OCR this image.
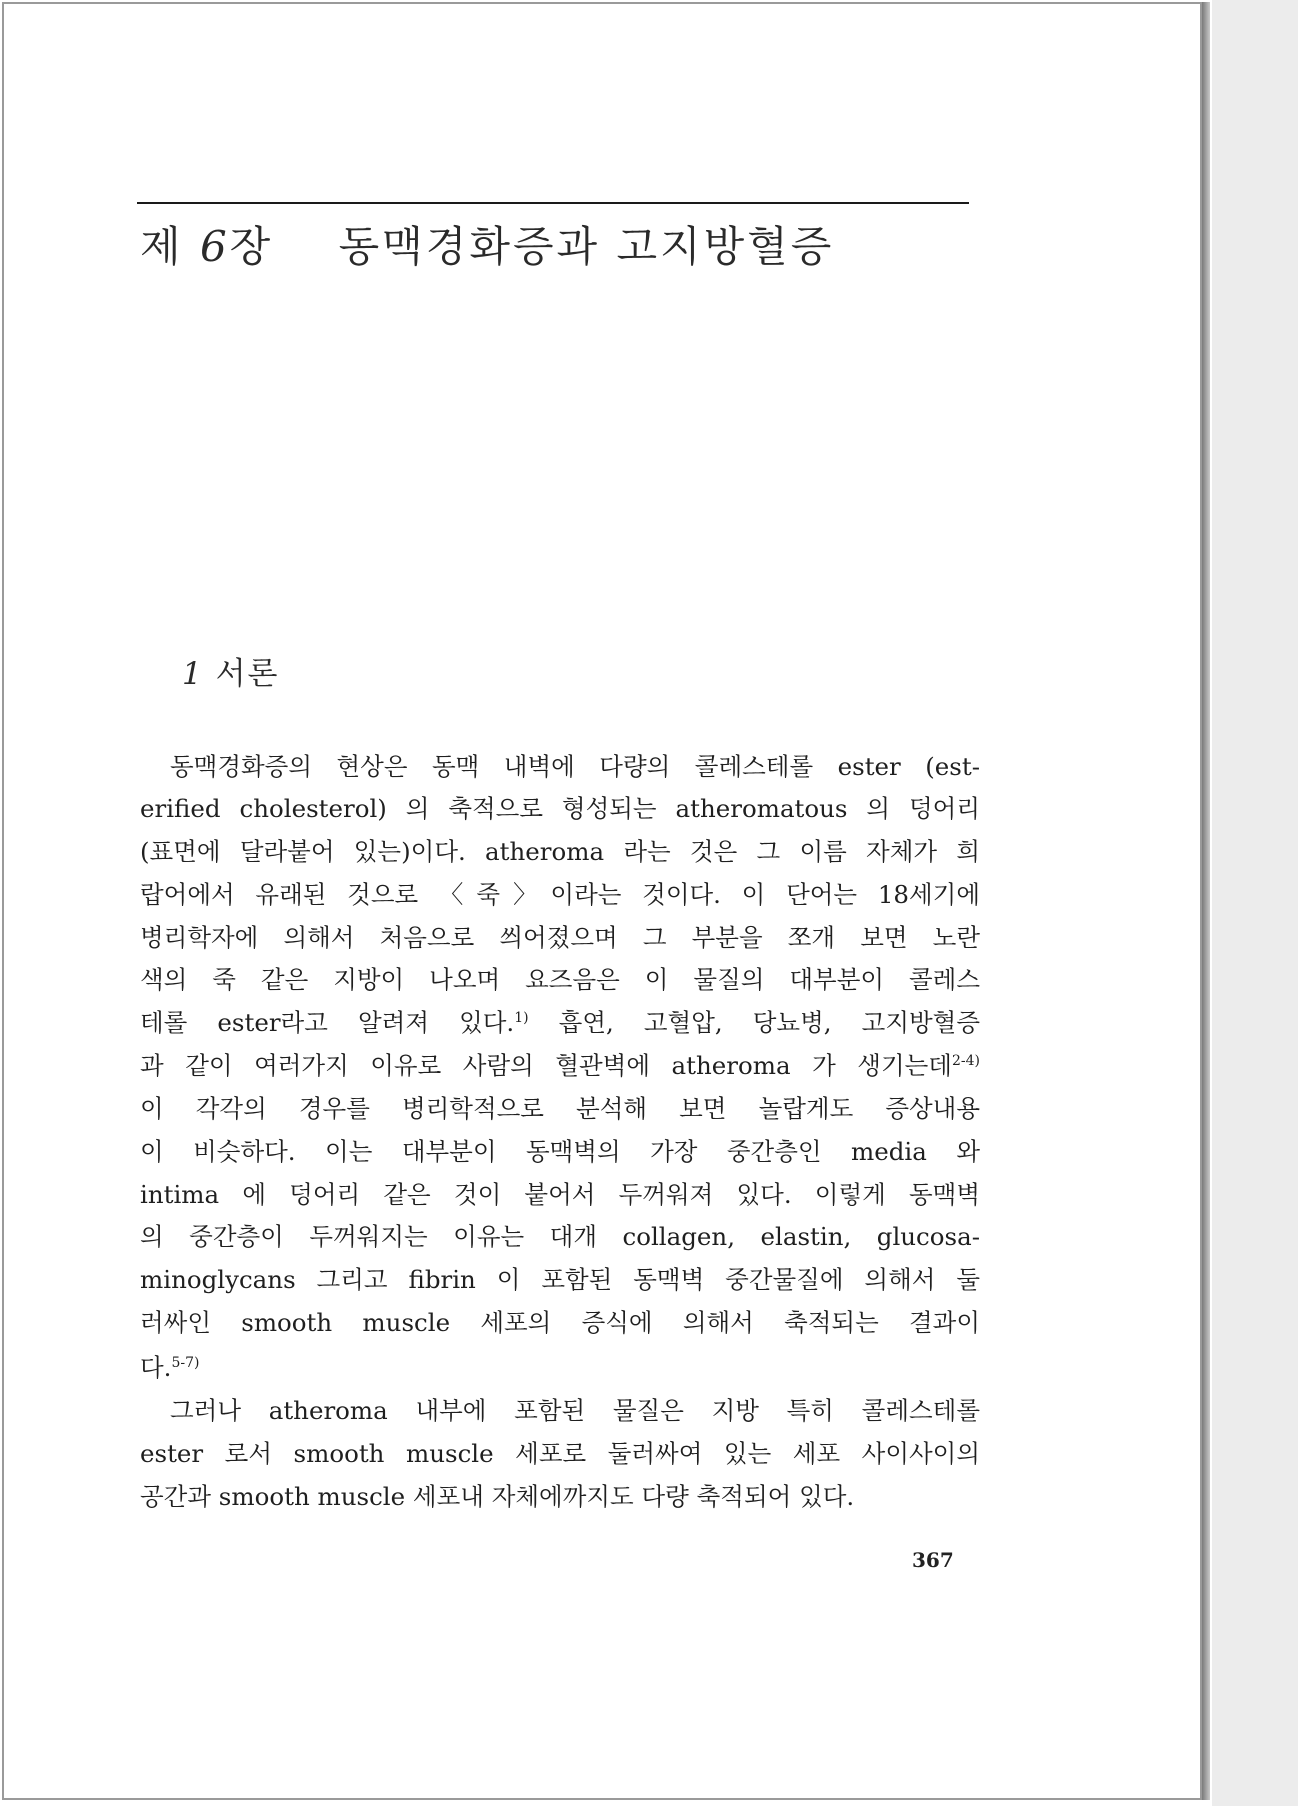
제 6장 동맥경화증과 고지방혈증
1 서론
동맥경화증의 현상은 동맥 내벽에 다량의 콜레스테롤 ester (est-
erified cholesterol) 의 축적으로 형성되는 atheromatous 의 덩어리
(표면에 달라붙어 있는)이다. atheroma 라는 것은 그 이름 자체가 희
랍어에서 유래된 것으로 〈죽〉이라는 것이다. 이 단어는 18세기에
병리학자에 의해서 처음으로 씌어졌으며 그 부분을 쪼개 보면 노란
색의 죽 같은 지방이 나오며 요즈음은 이 물질의 대부분이 콜레스
테롤 ester라고 알려져 있다.$^{1)}$ 흡연, 고혈압, 당뇨병, 고지방혈증
과 같이 여러가지 이유로 사람의 혈관벽에 atheroma 가 생기는데$^{2-4)}$
이 각각의 경우를 병리학적으로 분석해 보면 놀랍게도 증상내용
이 비슷하다. 이는 대부분이 동맥벽의 가장 중간층인 media 와
intima 에 덩어리 같은 것이 붙어서 두꺼워져 있다. 이렇게 동맥벽
의 중간층이 두꺼워지는 이유는 대개 collagen, elastin, glucosa-
minoglycans 그리고 fibrin 이 포함된 동맥벽 중간물질에 의해서 둘
러싸인 smooth muscle 세포의 증식에 의해서 축적되는 결과이
다.$^{5-7)}$
그러나 atheroma 내부에 포함된 물질은 지방 특히 콜레스테롤
ester 로서 smooth muscle 세포로 둘러싸여 있는 세포 사이사이의
공간과 smooth muscle 세포내 자체에까지도 다량 축적되어 있다.
367
